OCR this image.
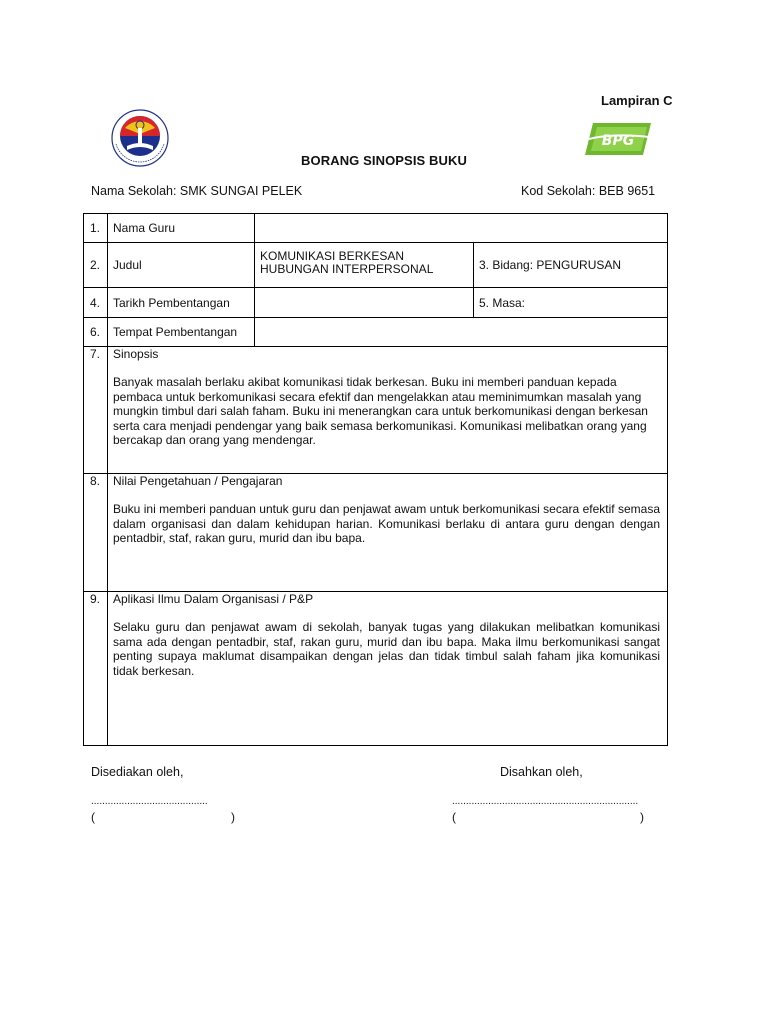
Lampiran C
BPG
BORANG SINOPSIS BUKU
Nama Sekolah: SMK SUNGAI PELEK	Kod Sekolah: BEB 9651
1.	Nama Guru		
2.	Judul	KOMUNIKASI BERKESAN HUBUNGAN INTERPERSONAL	3. Bidang: PENGURUSAN
4.	Tarikh Pembentangan		5. Masa:
6.	Tempat Pembentangan		
7.	Sinopsis
Banyak masalah berlaku akibat komunikasi tidak berkesan. Buku ini memberi panduan kepada pembaca untuk berkomunikasi secara efektif dan mengelakkan atau meminimumkan masalah yang mungkin timbul dari salah faham. Buku ini menerangkan cara untuk berkomunikasi dengan berkesan serta cara menjadi pendengar yang baik semasa berkomunikasi. Komunikasi melibatkan orang yang bercakap dan orang yang mendengar.		

8.	Nilai Pengetahuan / Pengajaran
Buku ini memberi panduan untuk guru dan penjawat awam untuk berkomunikasi secara efektif semasa dalam organisasi dan dalam kehidupan harian. Komunikasi berlaku di antara guru dengan dengan pentadbir, staf, rakan guru, murid dan ibu bapa.		

9.	Aplikasi Ilmu Dalam Organisasi / P&P
Selaku guru dan penjawat awam di sekolah, banyak tugas yang dilakukan melibatkan komunikasi sama ada dengan pentadbir, staf, rakan guru, murid dan ibu bapa. Maka ilmu berkomunikasi sangat penting supaya maklumat disampaikan dengan jelas dan tidak timbul salah faham jika komunikasi tidak berkesan.		
Disediakan oleh,	Disahkan oleh,
..........................................	...................................................................
(	)	(	)
